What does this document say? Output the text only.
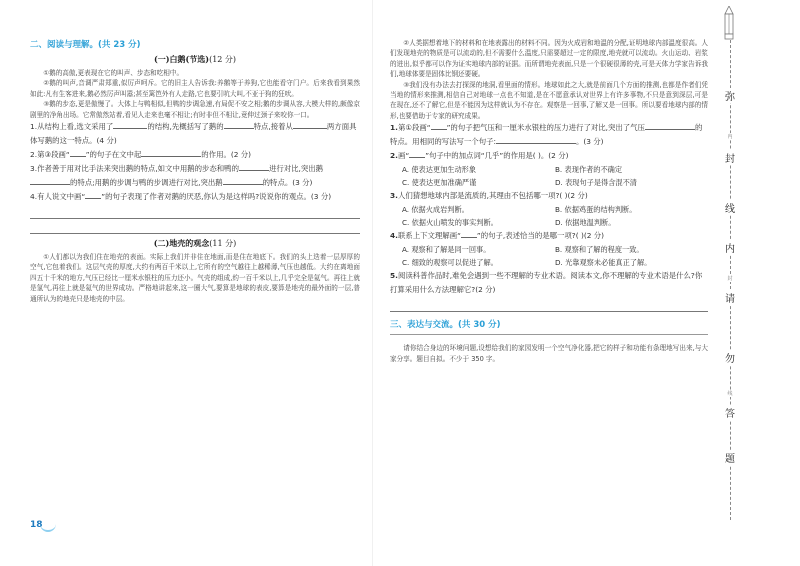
二、阅读与理解。(共 23 分)
(一)白鹅(节选)(12 分)

①鹅的高傲,更表现在它的叫声、步态和吃相中。

②鹅的叫声,音调严肃郑重,似厉声呵斥。它的旧主人告诉我:养鹅等于养狗,它也能看守门户。后来我看到果然如此:凡有生客进来,鹅必然厉声叫嚣;甚至篱笆外有人走路,它也要引吭大叫,不亚于狗的狂吠。

③鹅的步态,更是傲慢了。大体上与鸭相似,但鸭的步调急速,有局促不安之相;鹅的步调从容,大模大样的,颇像京剧里的净角出场。它常傲然站着,看见人走来也毫不相让;有时非但不相让,竟伸过颈子来咬你一口。

1.从结构上看,选文采用了	的结构,先概括写了鹅的	特点,接着从	两方面具体写鹅的这一特点。(4 分)
2.第③段画“ ”的句子在文中起	的作用。(2 分)
3.作者善于用对比手法来突出鹅的特点,如文中用鹅的步态和鸭的	进行对比,突出鹅的特点;用鹅的步调与鸭的步调进行对比,突出鹅	的特点。(3 分)
4.有人说文中画“ ”的句子表现了作者对鹅的厌恶,你认为是这样吗?说说你的观点。(3 分)
(二)地壳的观念(11 分)

①人们都以为我们住在地壳的表面。实际上我们并非住在地面,而是住在地底下。我们的头上迭着一层厚厚的空气,它包着我们。这层气壳的厚度,大约有两百千米以上,它所有的空气越往上越稀薄,气压也越低。大约在离地面四五十千米的地方,气压已经比一厘米水银柱的压力还小。气壳的组成,約一百千米以上,几乎完全是氦气。再往上就是氢气,再往上就是氦气的世界成功。严格地讲起来,这一圈大气,要算是地球的表皮,要算是地壳的最外面的一层,普通所认为的地壳只是地壳的中层。

18

②人类据想着地下的材料和在地表露出的材料不同。因为火成岩和地温的分配,证明地球内部温度很高。人们发现地壳的物质是可以流动的,但不需要什么温度,只需要超过一定的限度,地壳就可以流动。火山运动、岩浆的迸出,似乎都可以作为证实地球内部的证据。而所谓地壳表面,只是一个很硬很薄的壳,可是天体力学家告诉我们,地球体要是固体比钢还要硬。

③我们没有办法去打探深的地洞,看里面的情形。地球如此之大,就是前面几个方面的推测,也都是作者们凭当地的情形来推测,相信自己对地球一点也不知道,是在不愿意承认对世界上有许多事物,不只是意到深层,可是在现在,还不了解它,但是不能因为这样就认为不存在。观察是一回事,了解又是一回事。所以要看地球内部的情形,也要借助于专家的研究成果。

1.第①段画“ ”的句子把气压和一厘米水银柱的压力进行了对比,突出了气压	的特点。用相同的写法写一个句子:	。(3 分)
2.画“ ”句子中的加点词“几乎”的作用是( )。(2 分)
A. 使表达更加生动形象	B. 表现作者的不确定
C. 使表达更加准确严谨	D. 表现句子是得含混不清
3.人们猜想地球内部是流质的,其理由不包括哪一项?( )(2 分)
A. 依据火成岩判断。	B. 依据鸡蛋的结构判断。
C. 依据火山喷发的事实判断。	D. 依据地温判断。
4.联系上下文理解画“ ”的句子,表述恰当的是哪一项?( )(2 分)
A. 观察和了解是同一回事。	B. 观察和了解的程度一致。
C. 细致的观察可以促进了解。	D. 光靠观察未必能真正了解。
5.阅读科普作品时,难免会遇到一些不理解的专业术语。阅读本文,你不理解的专业术语是什么?你打算采用什么方法理解它?(2 分)
三、表达与交流。(共 30 分)

请你结合身边的环境问题,设想给我们的家园发明一个空气净化器,把它的样子和功能有条理地写出来,与大家分享。题目自拟。不少于 350 字。

弥
内
封
线
内
封
请
勿
线
答
题
